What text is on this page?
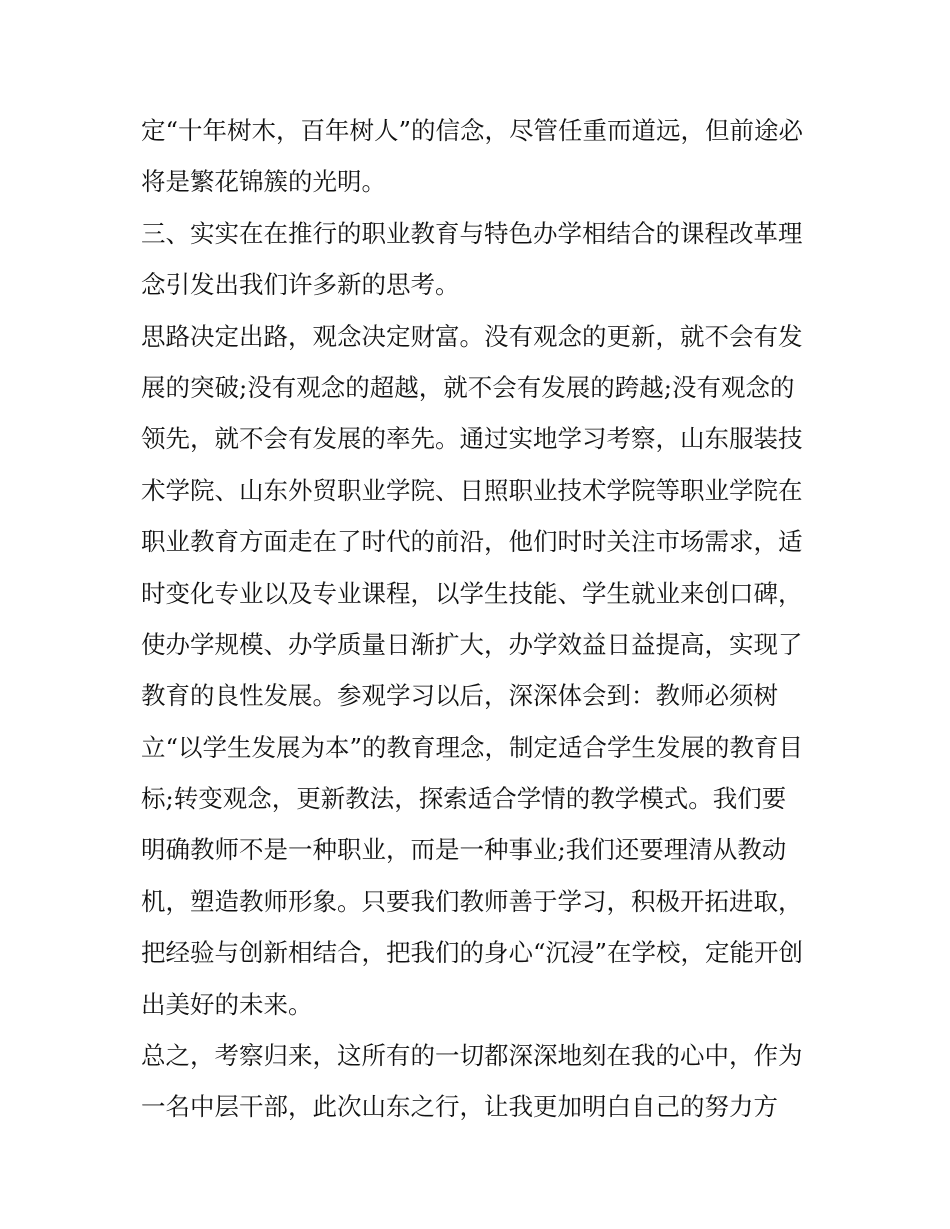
定“十年树木，百年树人”的信念，尽管任重而道远，但前途必
将是繁花锦簇的光明。
三、实实在在推行的职业教育与特色办学相结合的课程改革理
念引发出我们许多新的思考。
思路决定出路，观念决定财富。没有观念的更新，就不会有发
展的突破;没有观念的超越，就不会有发展的跨越;没有观念的
领先，就不会有发展的率先。通过实地学习考察，山东服装技
术学院、山东外贸职业学院、日照职业技术学院等职业学院在
职业教育方面走在了时代的前沿，他们时时关注市场需求，适
时变化专业以及专业课程，以学生技能、学生就业来创口碑，
使办学规模、办学质量日渐扩大，办学效益日益提高，实现了
教育的良性发展。参观学习以后，深深体会到：教师必须树
立“以学生发展为本”的教育理念，制定适合学生发展的教育目
标;转变观念，更新教法，探索适合学情的教学模式。我们要
明确教师不是一种职业，而是一种事业;我们还要理清从教动
机，塑造教师形象。只要我们教师善于学习，积极开拓进取，
把经验与创新相结合，把我们的身心“沉浸”在学校，定能开创
出美好的未来。
总之，考察归来，这所有的一切都深深地刻在我的心中，作为
一名中层干部，此次山东之行，让我更加明白自己的努力方
